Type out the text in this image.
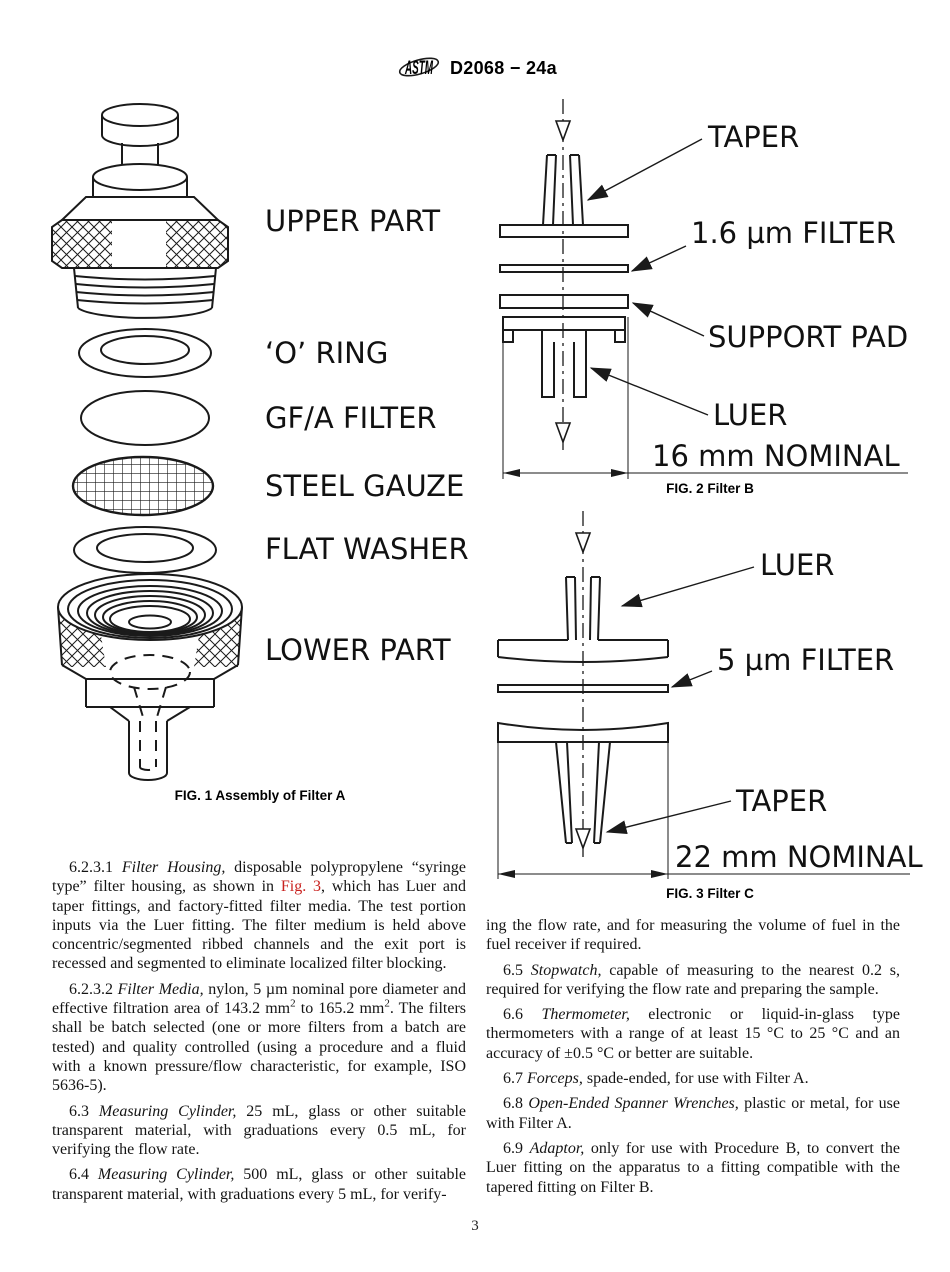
ASTM D2068 − 24a
UPPER PART
‘O’ RING
GF/A FILTER
STEEL GAUZE
FLAT WASHER
LOWER PART
FIG. 1 Assembly of Filter A
16 mm NOMINAL
TAPER
1.6 µm FILTER
SUPPORT PAD
LUER
FIG. 2 Filter B
22 mm NOMINAL
LUER
5 µm FILTER
TAPER
FIG. 3 Filter C

6.2.3.1 Filter Housing, disposable polypropylene “syringe type” filter housing, as shown in Fig. 3, which has Luer and taper fittings, and factory-fitted filter media. The test portion inputs via the Luer fitting. The filter medium is held above concentric/segmented ribbed channels and the exit port is recessed and segmented to eliminate localized filter blocking.

6.2.3.2 Filter Media, nylon, 5 µm nominal pore diameter and effective filtration area of 143.2 $mm^2$ to 165.2 $mm^2$. The filters shall be batch selected (one or more filters from a batch are tested) and quality controlled (using a procedure and a fluid with a known pressure/flow characteristic, for example, ISO 5636-5).

6.3 Measuring Cylinder, 25 mL, glass or other suitable transparent material, with graduations every 0.5 mL, for verifying the flow rate.

6.4 Measuring Cylinder, 500 mL, glass or other suitable transparent material, with graduations every 5 mL, for verify-

ing the flow rate, and for measuring the volume of fuel in the fuel receiver if required.

6.5 Stopwatch, capable of measuring to the nearest 0.2 s, required for verifying the flow rate and preparing the sample.

6.6 Thermometer, electronic or liquid-in-glass type thermometers with a range of at least 15 °C to 25 °C and an accuracy of ±0.5 °C or better are suitable.

6.7 Forceps, spade-ended, for use with Filter A.

6.8 Open-Ended Spanner Wrenches, plastic or metal, for use with Filter A.

6.9 Adaptor, only for use with Procedure B, to convert the Luer fitting on the apparatus to a fitting compatible with the tapered fitting on Filter B.

3
